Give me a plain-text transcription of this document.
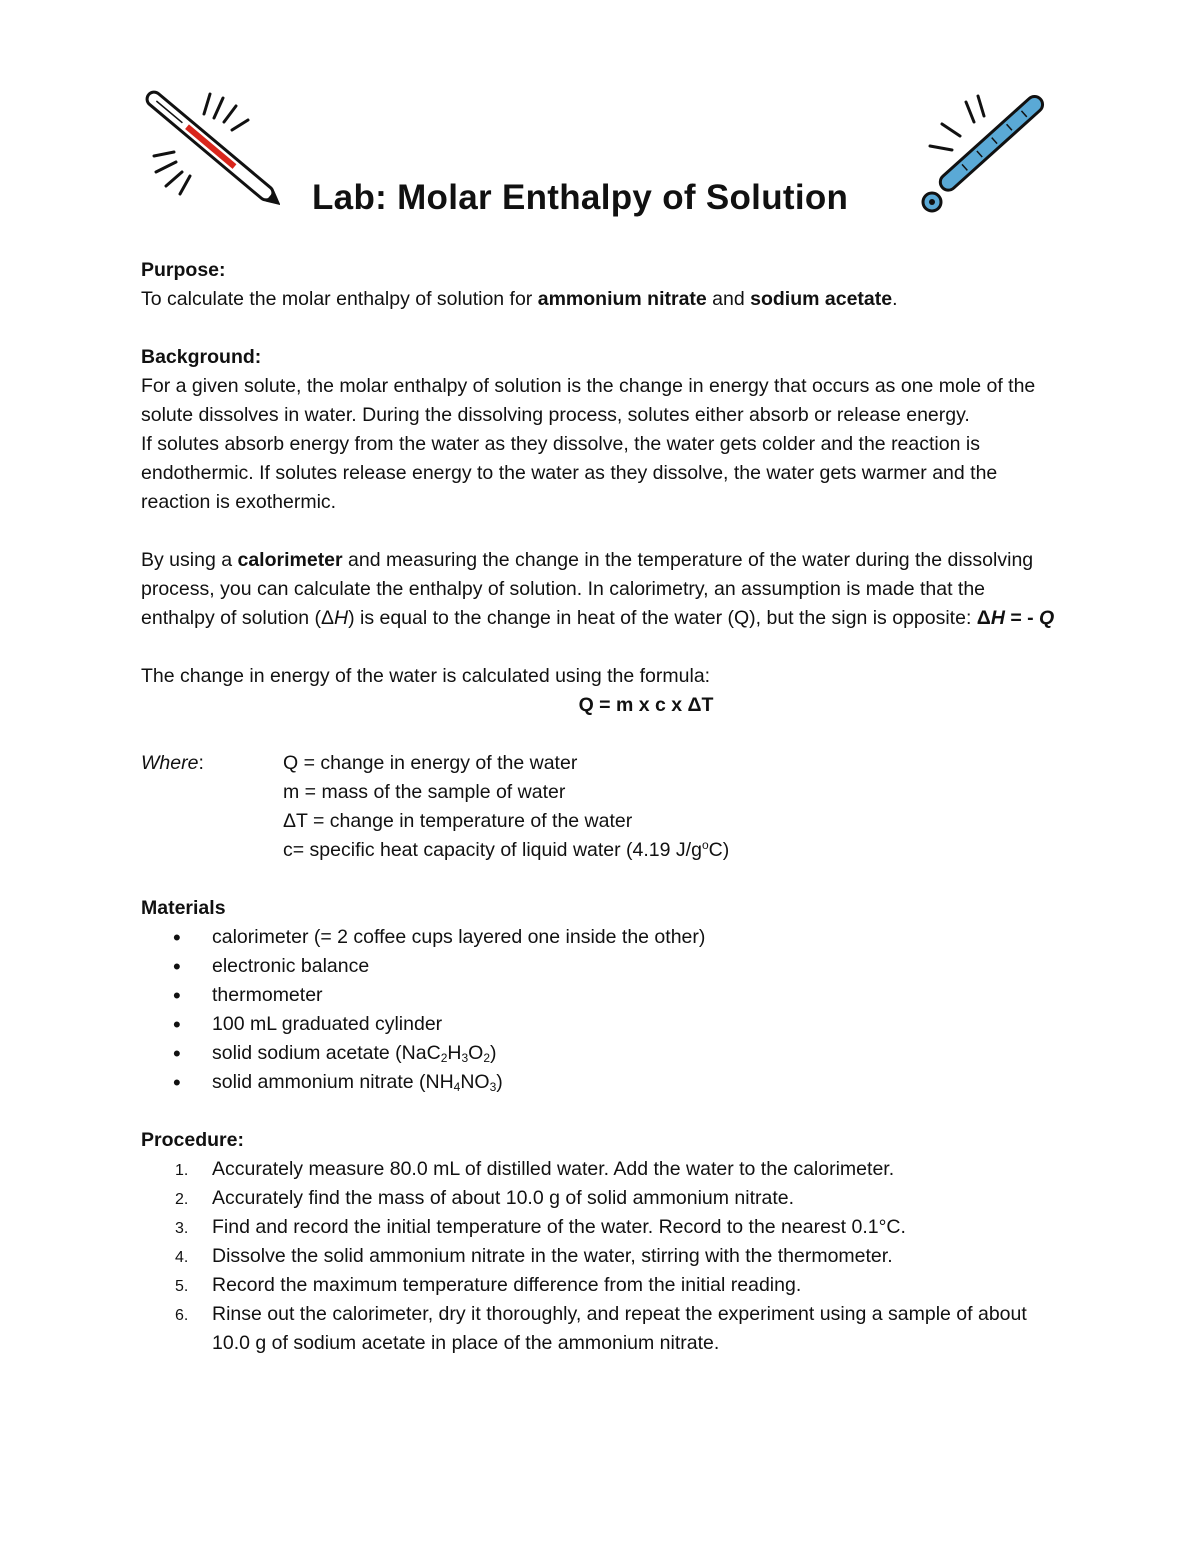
Lab: Molar Enthalpy of Solution
Purpose:
To calculate the molar enthalpy of solution for ammonium nitrate and sodium acetate.
Background:
For a given solute, the molar enthalpy of solution is the change in energy that occurs as one mole of the solute dissolves in water. During the dissolving process, solutes either absorb or release energy.
If solutes absorb energy from the water as they dissolve, the water gets colder and the reaction is endothermic. If solutes release energy to the water as they dissolve, the water gets warmer and the reaction is exothermic.
By using a calorimeter and measuring the change in the temperature of the water during the dissolving process, you can calculate the enthalpy of solution. In calorimetry, an assumption is made that the enthalpy of solution (ΔH) is equal to the change in heat of the water (Q), but the sign is opposite: ΔH = - Q
The change in energy of the water is calculated using the formula:
Q = m x c x ΔT
Where:	Q = change in energy of the water
m = mass of the sample of water
ΔT = change in temperature of the water
c= specific heat capacity of liquid water (4.19 $J/g^oC$)
Materials
• calorimeter (= 2 coffee cups layered one inside the other)
• electronic balance
• thermometer
• 100 mL graduated cylinder
• solid sodium acetate $(NaC_2H_3O_2)$
• solid ammonium nitrate $(NH_4NO_3)$
Procedure:
1. Accurately measure 80.0 mL of distilled water. Add the water to the calorimeter.
2. Accurately find the mass of about 10.0 g of solid ammonium nitrate.
3. Find and record the initial temperature of the water. Record to the nearest 0.1°C.
4. Dissolve the solid ammonium nitrate in the water, stirring with the thermometer.
5. Record the maximum temperature difference from the initial reading.
6. Rinse out the calorimeter, dry it thoroughly, and repeat the experiment using a sample of about 10.0 g of sodium acetate in place of the ammonium nitrate.
